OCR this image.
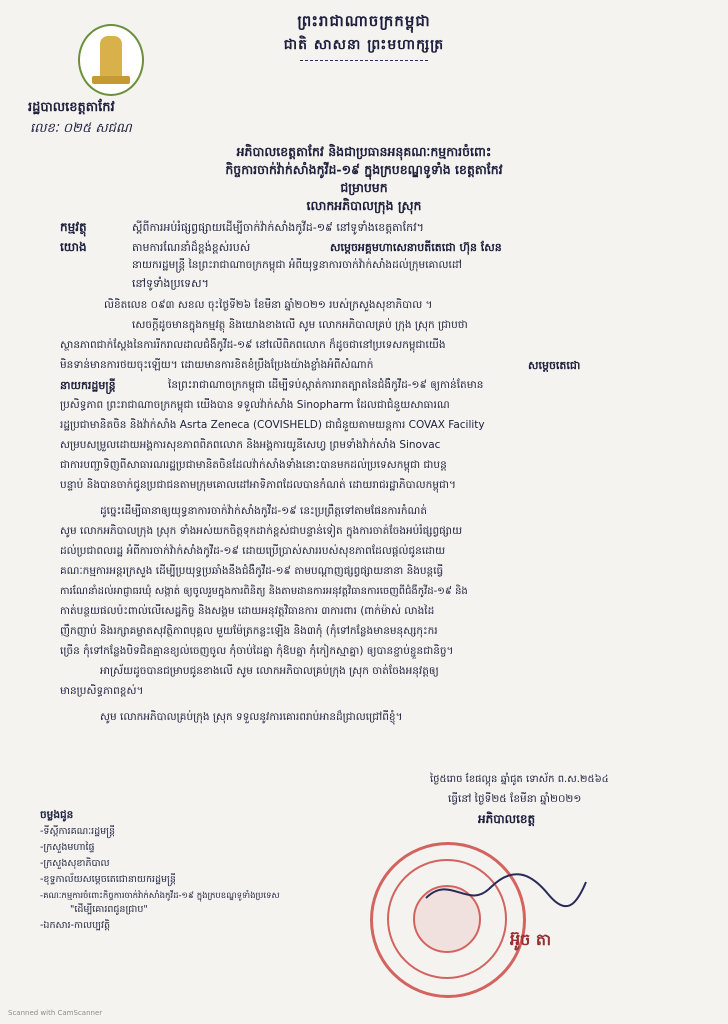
ព្រះរាជាណាចក្រកម្ពុជា
ជាតិ សាសនា ព្រះមហាក្សត្រ
រដ្ឋបាលខេត្តតាកែវ
លេខៈ ០២៥ សជណ
អភិបាលខេត្តតាកែវ និងជាប្រធានអនុគណៈកម្មការចំពោះ
កិច្ចការចាក់វ៉ាក់សាំងកូវីដ-១៩ ក្នុងក្របខណ្ឌទូទាំង ខេត្តតាកែវ
ជម្រាបមក
លោកអភិបាលក្រុង ស្រុក
កម្មវត្ថុ	ស្ដីពីការអប់រំផ្សព្វផ្សាយដើម្បីចាក់វ៉ាក់សាំងកូវីដ-១៩ នៅទូទាំងខេត្តតាកែវ។
យោង	តាមការណែនាំដ៏ខ្ពង់ខ្ពស់របស់	សម្ដេចអគ្គមហាសេនាបតីតេជោ ហ៊ុន សែន
នាយករដ្ឋមន្ត្រី នៃព្រះរាជាណាចក្រកម្ពុជា អំពីយុទ្ធនាការចាក់វ៉ាក់សាំងដល់ក្រុមគោលដៅ
នៅទូទាំងប្រទេស។
លិខិតលេខ ០៩៣ សខល ចុះថ្ងៃទី២៦ ខែមីនា ឆ្នាំ២០២១ របស់ក្រសួងសុខាភិបាល ។
សេចក្ដីដូចមានក្នុងកម្មវត្ថុ និងយោងខាងលើ សូម លោកអភិបាលគ្រប់ ក្រុង ស្រុក ជ្រាបថា
ស្ថានភាពជាក់ស្ដែងនៃការរីករាលដាលជំងឺកូវីដ-១៩ នៅលើពិភពលោក ក៏ដូចជានៅប្រទេសកម្ពុជាយើង
មិនទាន់មានការថយចុះឡើយ។ ដោយមានការខិតខំប្រឹងប្រែងយ៉ាងខ្លាំងអំពីសំណាក់	សម្ដេចតេជោ
នាយករដ្ឋមន្ត្រី	នៃព្រះរាជាណាចក្រកម្ពុជា ដើម្បីទប់ស្កាត់ការរាតត្បាតនៃជំងឺកូវីដ-១៩ ឲ្យកាន់តែមាន
ប្រសិទ្ធភាព ព្រះរាជាណាចក្រកម្ពុជា យើងបាន ទទួលវ៉ាក់សាំង Sinopharm ដែលជាជំនួយសាធារណ
រដ្ឋប្រជាមានិតចិន និងវ៉ាក់សាំង Asrta Zeneca (COVISHELD) ជាជំនួយតាមយន្តការ COVAX Facility
សម្របសម្រួលដោយអង្គការសុខភាពពិភពលោក និងអង្គការយូនីសេហ្វ ព្រមទាំងវ៉ាក់សាំង Sinovac
ជាការបញ្ជាទិញពីសាធារណរដ្ឋប្រជាមានិតចិនដែលវ៉ាក់សាំងទាំងនោះបានមកដល់ប្រទេសកម្ពុជា ជាបន្ត
បន្ទាប់ និងបានចាក់ជូនប្រជាជនតាមក្រុមគោលដៅអាទិភាពដែលបានកំណត់ ដោយរាជរដ្ឋាភិបាលកម្ពុជា។
ដូច្នេះដើម្បីធានាឲ្យយុទ្ធនាការចាក់វ៉ាក់សាំងកូវីដ-១៩ នេះប្រព្រឹត្តទៅតាមផែនការកំណត់
សូម លោកអភិបាលក្រុង ស្រុក ទាំងអស់យកចិត្តទុកដាក់ខ្ពស់ជាបន្ទាន់ទៀត ក្នុងការចាត់ចែងអប់រំផ្សព្វផ្សាយ
ដល់ប្រជាពលរដ្ឋ អំពីការចាក់វ៉ាក់សាំងកូវីដ-១៩ ដោយប្រើប្រាស់សាររបស់សុខភាពដែលផ្ដល់ជូនដោយ
គណៈកម្មការអន្តរក្រសួង ដើម្បីប្រយុទ្ធប្រឆាំងនឹងជំងឺកូវីដ-១៩ តាមបណ្ដាញផ្សព្វផ្សាយនានា និងបន្តធ្វើ
ការណែនាំដល់អាជ្ញាធរឃុំ សង្កាត់ ឲ្យចូលរួមក្នុងការពិនិត្យ និងតាមដានការអនុវត្តវិធានការចេញពីជំងឺកូវីដ-១៩ និង
កាត់បន្ថយផលប៉ះពាល់លើសេដ្ឋកិច្ច និងសង្គម ដោយអនុវត្តវិធានការ ៣ការពារ (ពាក់ម៉ាស់ លាងដៃ
ញឹកញាប់ និងរក្សាគម្លាតសុវត្ថិភាពបុគ្គល មួយម៉ែត្រកន្លះឡើង និង៣កុំ (កុំទៅកន្លែងមានមនុស្សកុះករ
ច្រើន កុំទៅកន្លែងបិទជិតគ្មានខ្យល់ចេញចូល កុំចាប់ដៃគ្នា កុំឱបគ្នា កុំកៀកស្មាគ្នា) ឲ្យបានខ្ជាប់ខ្ជួនជានិច្ច។
អាស្រ័យដូចបានជម្រាបជូនខាងលើ សូម លោកអភិបាលគ្រប់ក្រុង ស្រុក ចាត់ចែងអនុវត្តឲ្យ
មានប្រសិទ្ធភាពខ្ពស់។
សូម លោកអភិបាលគ្រប់ក្រុង ស្រុក ទទួលនូវការគោរពរាប់អានដ៏ជ្រាលជ្រៅពីខ្ញុំ។
ថ្ងៃ៥រោច ខែផល្គុន ឆ្នាំជូត ទោស័ក ព.ស.២៥៦៤
ធ្វើនៅ ថ្ងៃទី២៥ ខែមីនា ឆ្នាំ២០២១
អភិបាលខេត្ត
អ៊ូច តា
ចម្លងជូន
-ទីស្ដីការគណៈរដ្ឋមន្ត្រី
-ក្រសួងមហាផ្ទៃ
-ក្រសួងសុខាភិបាល
-ខុទ្ទកាល័យសម្ដេចតេជោនាយករដ្ឋមន្ត្រី
-គណៈកម្មការចំពោះកិច្ចការចាក់វ៉ាក់សាំងកូវីដ-១៩ ក្នុងក្របខណ្ឌទូទាំងប្រទេស
"ដើម្បីគោរពជូនជ្រាប"
-ឯកសារ-កាលប្បវត្តិ
Scanned with CamScanner
